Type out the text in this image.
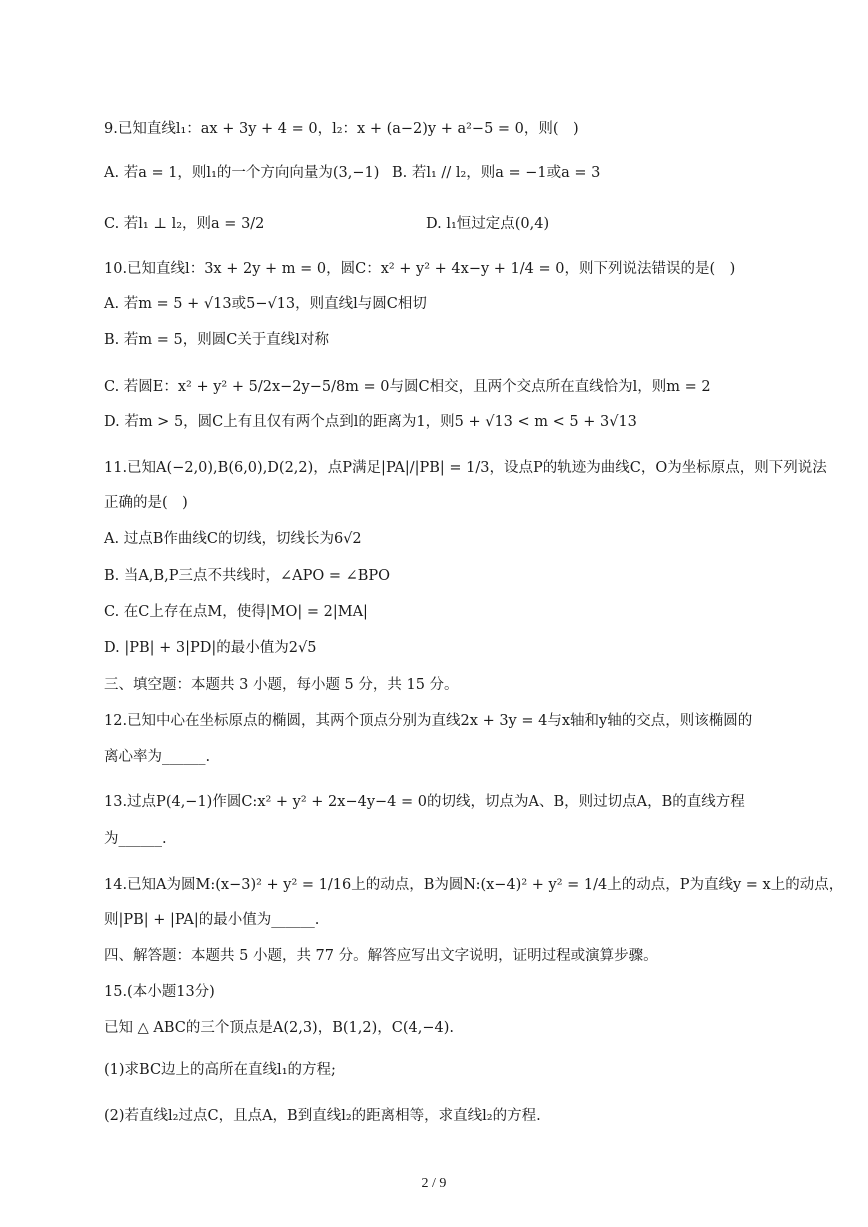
9.已知直线l₁：ax + 3y + 4 = 0，l₂：x + (a−2)y + a²−5 = 0，则(　)
A. 若a = 1，则l₁的一个方向向量为(3,−1) B. 若l₁ // l₂，则a = −1或a = 3
C. 若l₁ ⊥ l₂，则a = 3/2	D. l₁恒过定点(0,4)
10.已知直线l：3x + 2y + m = 0，圆C：x² + y² + 4x−y + 1/4 = 0，则下列说法错误的是(　)
A. 若m = 5 + √13或5−√13，则直线l与圆C相切
B. 若m = 5，则圆C关于直线l对称
C. 若圆E：x² + y² + 5/2x−2y−5/8m = 0与圆C相交，且两个交点所在直线恰为l，则m = 2
D. 若m > 5，圆C上有且仅有两个点到l的距离为1，则5 + √13 < m < 5 + 3√13
11.已知A(−2,0),B(6,0),D(2,2)，点P满足|PA|/|PB| = 1/3，设点P的轨迹为曲线C，O为坐标原点，则下列说法
正确的是(　)
A. 过点B作曲线C的切线，切线长为6√2
B. 当A,B,P三点不共线时，∠APO = ∠BPO
C. 在C上存在点M，使得|MO| = 2|MA|
D. |PB| + 3|PD|的最小值为2√5
三、填空题：本题共 3 小题，每小题 5 分，共 15 分。
12.已知中心在坐标原点的椭圆，其两个顶点分别为直线2x + 3y = 4与x轴和y轴的交点，则该椭圆的
离心率为______.
13.过点P(4,−1)作圆C:x² + y² + 2x−4y−4 = 0的切线，切点为A、B，则过切点A，B的直线方程
为______.
14.已知A为圆M:(x−3)² + y² = 1/16上的动点，B为圆N:(x−4)² + y² = 1/4上的动点，P为直线y = x上的动点，
则|PB| + |PA|的最小值为______.
四、解答题：本题共 5 小题，共 77 分。解答应写出文字说明，证明过程或演算步骤。
15.(本小题13分)
已知 △ ABC的三个顶点是A(2,3)，B(1,2)，C(4,−4).
(1)求BC边上的高所在直线l₁的方程;
(2)若直线l₂过点C，且点A，B到直线l₂的距离相等，求直线l₂的方程.
2 / 9
